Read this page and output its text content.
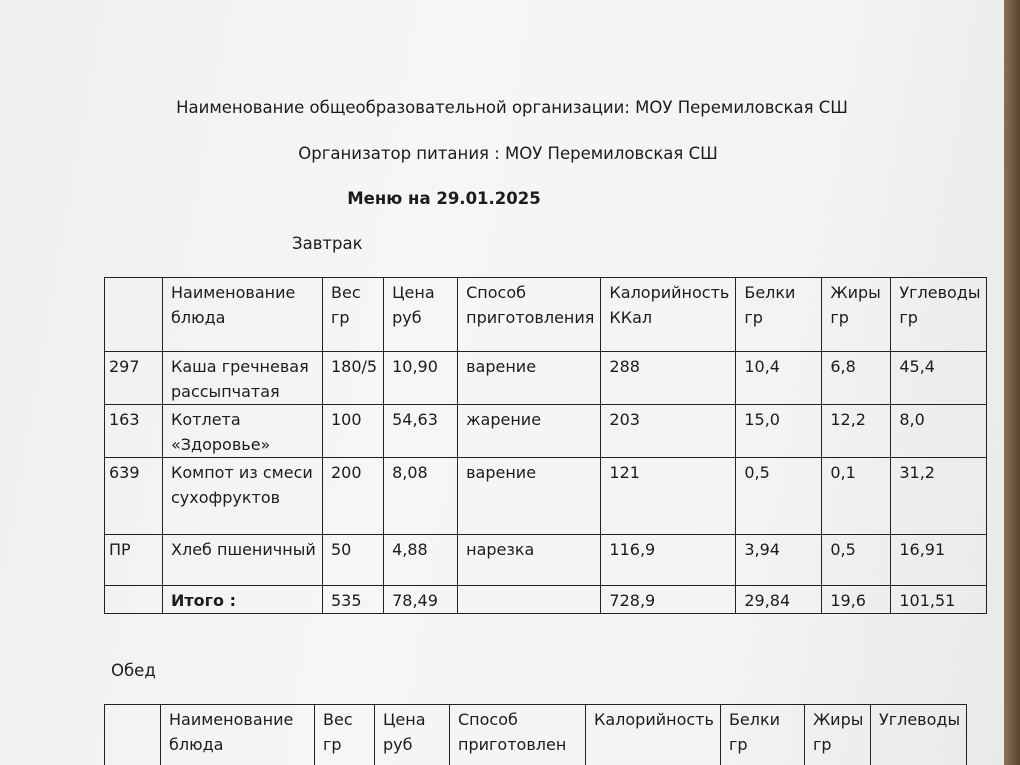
Наименование общеобразовательной организации: МОУ Перемиловская СШ
Организатор питания : МОУ Перемиловская СШ
Меню на 29.01.2025
Завтрак
	Наименование блюда	Вес гр	Цена руб	Способ приготовления	Калорийность ККал	Белки гр	Жиры гр	Углеводы гр
297	Каша гречневая рассыпчатая	180/5	10,90	варение	288	10,4	6,8	45,4
163	Котлета «Здоровье»	100	54,63	жарение	203	15,0	12,2	8,0
639	Компот из смеси сухофруктов	200	8,08	варение	121	0,5	0,1	31,2
ПР	Хлеб пшеничный	50	4,88	нарезка	116,9	3,94	0,5	16,91
	Итого :	535	78,49		728,9	29,84	19,6	101,51
Обед
	Наименование блюда	Вес гр	Цена руб	Способ приготовлен	Калорийность	Белки гр	Жиры гр	Углеводы
